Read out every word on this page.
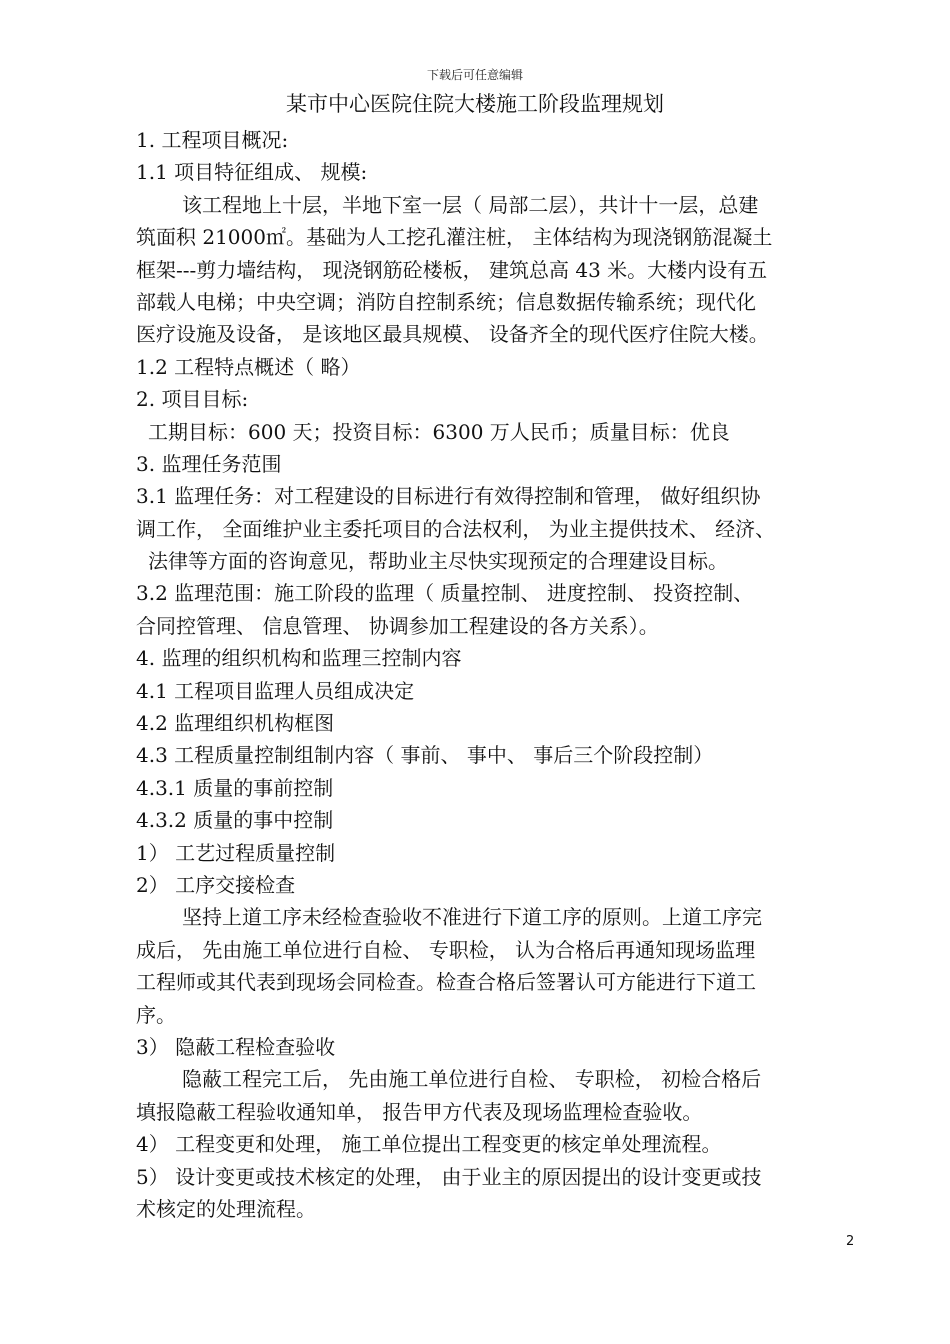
下载后可任意编辑
某市中心医院住院大楼施工阶段监理规划
1. 工程项目概况:
1.1 项目特征组成、 规模:
该工程地上十层，半地下室一层（ 局部二层），共计十一层，总建
筑面积 21000㎡。基础为人工挖孔灌注桩， 主体结构为现浇钢筋混凝土
框架---剪力墙结构， 现浇钢筋砼楼板， 建筑总高 43 米。大楼内设有五
部载人电梯；中央空调；消防自控制系统；信息数据传输系统；现代化
医疗设施及设备， 是该地区最具规模、 设备齐全的现代医疗住院大楼。
1.2 工程特点概述（ 略）
2. 项目目标:
工期目标：600 天；投资目标：6300 万人民币；质量目标：优良
3. 监理任务范围
3.1 监理任务：对工程建设的目标进行有效得控制和管理， 做好组织协
调工作， 全面维护业主委托项目的合法权利， 为业主提供技术、 经济、
法律等方面的咨询意见，帮助业主尽快实现预定的合理建设目标。
3.2 监理范围：施工阶段的监理（ 质量控制、 进度控制、 投资控制、
合同控管理、 信息管理、 协调参加工程建设的各方关系）。
4. 监理的组织机构和监理三控制内容
4.1 工程项目监理人员组成决定
4.2 监理组织机构框图
4.3 工程质量控制组制内容（ 事前、 事中、 事后三个阶段控制）
4.3.1 质量的事前控制
4.3.2 质量的事中控制
1） 工艺过程质量控制
2） 工序交接检查
坚持上道工序未经检查验收不准进行下道工序的原则。上道工序完
成后， 先由施工单位进行自检、 专职检， 认为合格后再通知现场监理
工程师或其代表到现场会同检查。检查合格后签署认可方能进行下道工
序。
3） 隐蔽工程检查验收
隐蔽工程完工后， 先由施工单位进行自检、 专职检， 初检合格后
填报隐蔽工程验收通知单， 报告甲方代表及现场监理检查验收。
4） 工程变更和处理， 施工单位提出工程变更的核定单处理流程。
5） 设计变更或技术核定的处理， 由于业主的原因提出的设计变更或技
术核定的处理流程。
2
